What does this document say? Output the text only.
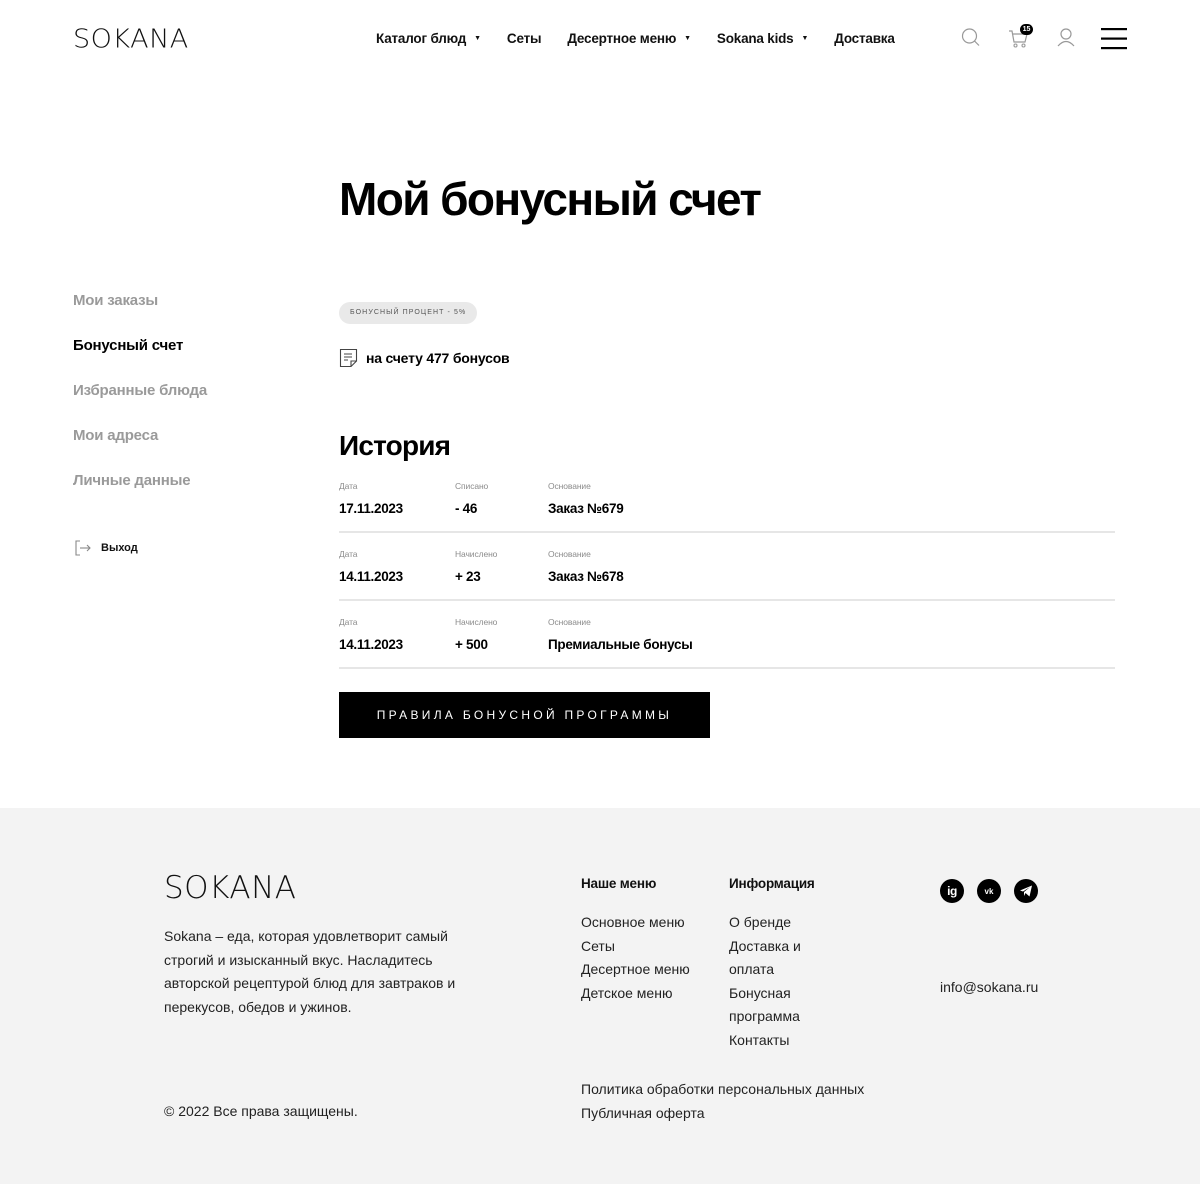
SOKANA	Каталог блюд ▼ Сеты Десертное меню ▼ Sokana kids ▼ Доставка
15
Мой бонусный счет
Мои заказы
Бонусный счет
Избранные блюда
Мои адреса
Личные данные
Выход
БОНУСНЫЙ ПРОЦЕНТ - 5%
на счету 477 бонусов
История
Дата
17.11.2023
Списано
- 46
Основание
Заказ №679
Дата
14.11.2023
Начислено
+ 23
Основание
Заказ №678
Дата
14.11.2023
Начислено
+ 500
Основание
Премиальные бонусы
ПРАВИЛА БОНУСНОЙ ПРОГРАММЫ
SOKANA

Sokana – еда, которая удовлетворит самый строгий и изысканный вкус. Насладитесь авторской рецептурой блюд для завтраков и перекусов, обедов и ужинов.

© 2022 Все права защищены.
Наше меню
Основное меню
Сеты
Десертное меню
Детское меню
Информация
О бренде
Доставка и оплата
Бонусная программа
Контакты
Политика обработки персональных данных
Публичная оферта
ig	vk
info@sokana.ru
